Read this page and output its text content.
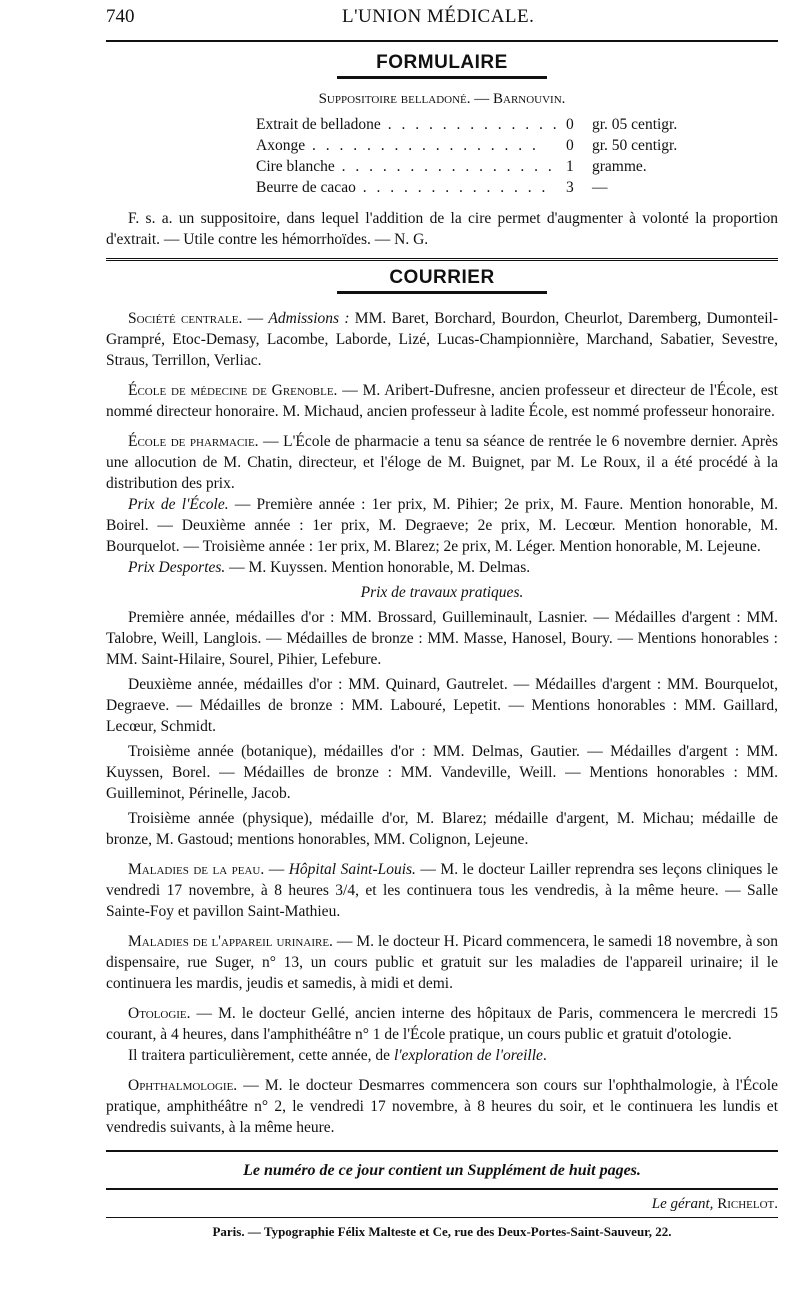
740	L'UNION MÉDICALE.
FORMULAIRE
Suppositoire belladoné. — Barnouvin.
Extrait de belladone . . . . . . . . . . . . .	0	gr. 05 centigr.
Axonge . . . . . . . . . . . . . . . . .	0	gr. 50 centigr.
Cire blanche . . . . . . . . . . . . . . . .	1	gramme.
Beurre de cacao . . . . . . . . . . . . . .	3	—

F. s. a. un suppositoire, dans lequel l'addition de la cire permet d'augmenter à volonté la proportion d'extrait. — Utile contre les hémorrhoïdes. — N. G.

COURRIER

Société centrale. — Admissions : MM. Baret, Borchard, Bourdon, Cheurlot, Daremberg, Dumonteil-Grampré, Etoc-Demasy, Lacombe, Laborde, Lizé, Lucas-Championnière, Marchand, Sabatier, Sevestre, Straus, Terrillon, Verliac.

École de médecine de Grenoble. — M. Aribert-Dufresne, ancien professeur et directeur de l'École, est nommé directeur honoraire. M. Michaud, ancien professeur à ladite École, est nommé professeur honoraire.

École de pharmacie. — L'École de pharmacie a tenu sa séance de rentrée le 6 novembre dernier. Après une allocution de M. Chatin, directeur, et l'éloge de M. Buignet, par M. Le Roux, il a été procédé à la distribution des prix.

Prix de l'École. — Première année : 1er prix, M. Pihier; 2e prix, M. Faure. Mention honorable, M. Boirel. — Deuxième année : 1er prix, M. Degraeve; 2e prix, M. Lecœur. Mention honorable, M. Bourquelot. — Troisième année : 1er prix, M. Blarez; 2e prix, M. Léger. Mention honorable, M. Lejeune.

Prix Desportes. — M. Kuyssen. Mention honorable, M. Delmas.

Prix de travaux pratiques.

Première année, médailles d'or : MM. Brossard, Guilleminault, Lasnier. — Médailles d'argent : MM. Talobre, Weill, Langlois. — Médailles de bronze : MM. Masse, Hanosel, Boury. — Mentions honorables : MM. Saint-Hilaire, Sourel, Pihier, Lefebure.

Deuxième année, médailles d'or : MM. Quinard, Gautrelet. — Médailles d'argent : MM. Bourquelot, Degraeve. — Médailles de bronze : MM. Labouré, Lepetit. — Mentions honorables : MM. Gaillard, Lecœur, Schmidt.

Troisième année (botanique), médailles d'or : MM. Delmas, Gautier. — Médailles d'argent : MM. Kuyssen, Borel. — Médailles de bronze : MM. Vandeville, Weill. — Mentions honorables : MM. Guilleminot, Périnelle, Jacob.

Troisième année (physique), médaille d'or, M. Blarez; médaille d'argent, M. Michau; médaille de bronze, M. Gastoud; mentions honorables, MM. Colignon, Lejeune.

Maladies de la peau. — Hôpital Saint-Louis. — M. le docteur Lailler reprendra ses leçons cliniques le vendredi 17 novembre, à 8 heures 3/4, et les continuera tous les vendredis, à la même heure. — Salle Sainte-Foy et pavillon Saint-Mathieu.

Maladies de l'appareil urinaire. — M. le docteur H. Picard commencera, le samedi 18 novembre, à son dispensaire, rue Suger, n° 13, un cours public et gratuit sur les maladies de l'appareil urinaire; il le continuera les mardis, jeudis et samedis, à midi et demi.

Otologie. — M. le docteur Gellé, ancien interne des hôpitaux de Paris, commencera le mercredi 15 courant, à 4 heures, dans l'amphithéâtre n° 1 de l'École pratique, un cours public et gratuit d'otologie.

Il traitera particulièrement, cette année, de l'exploration de l'oreille.

Ophthalmologie. — M. le docteur Desmarres commencera son cours sur l'ophthalmologie, à l'École pratique, amphithéâtre n° 2, le vendredi 17 novembre, à 8 heures du soir, et le continuera les lundis et vendredis suivants, à la même heure.

Le numéro de ce jour contient un Supplément de huit pages.
Le gérant, Richelot.
Paris. — Typographie Félix Malteste et Ce, rue des Deux-Portes-Saint-Sauveur, 22.
